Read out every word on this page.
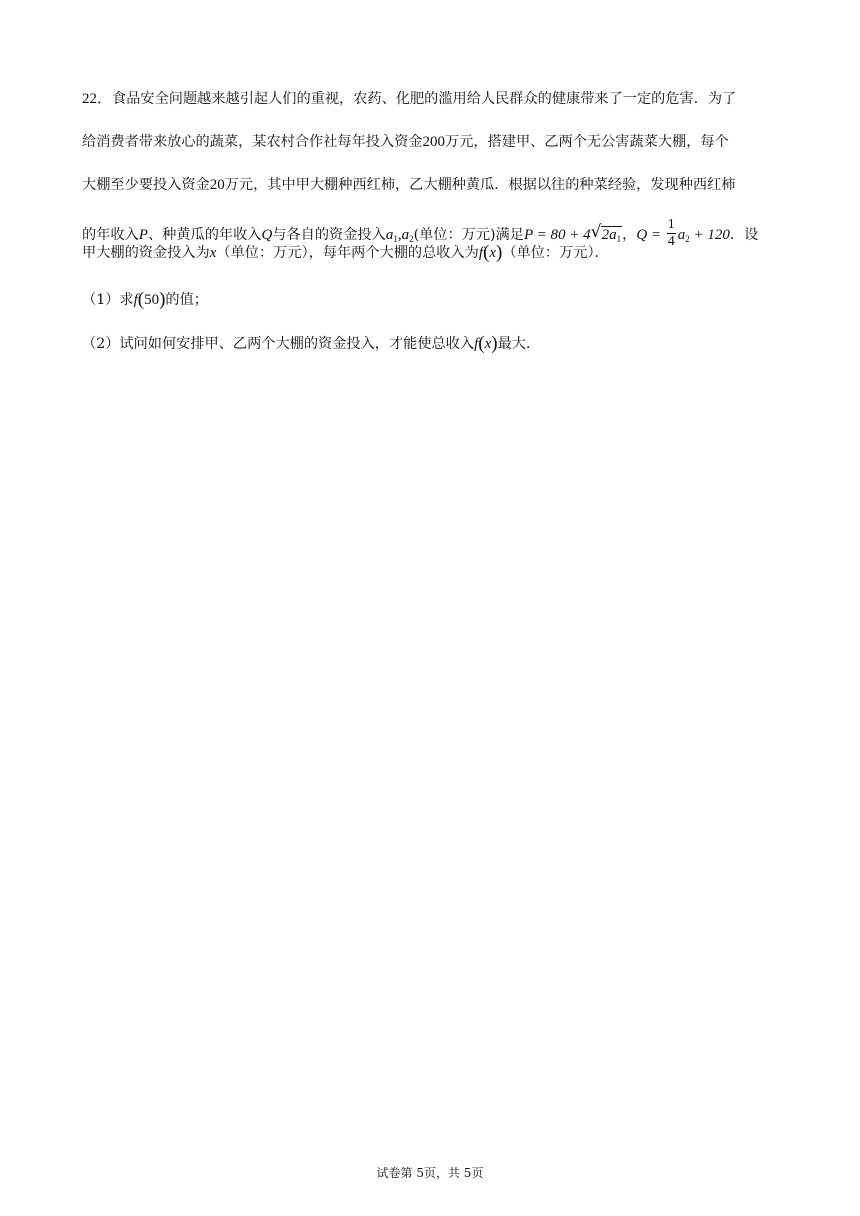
22．食品安全问题越来越引起人们的重视，农药、化肥的滥用给人民群众的健康带来了一定的危害．为了
给消费者带来放心的蔬菜，某农村合作社每年投入资金200万元，搭建甲、乙两个无公害蔬菜大棚，每个
大棚至少要投入资金20万元，其中甲大棚种西红柿，乙大棚种黄瓜．根据以往的种菜经验，发现种西红柿
的年收入P、种黄瓜的年收入Q与各自的资金投入$a_1,a_2$(单位：万元)满足P = 80 + 4 √ $2a_1$，$Q = \frac{1}{4} a_2 + 120$．设
甲大棚的资金投入为x（单位：万元），每年两个大棚的总收入为f(x)（单位：万元）．
（1）求f(50)的值；
（2）试问如何安排甲、乙两个大棚的资金投入，才能使总收入f(x)最大．
试卷第 5页，共 5页
